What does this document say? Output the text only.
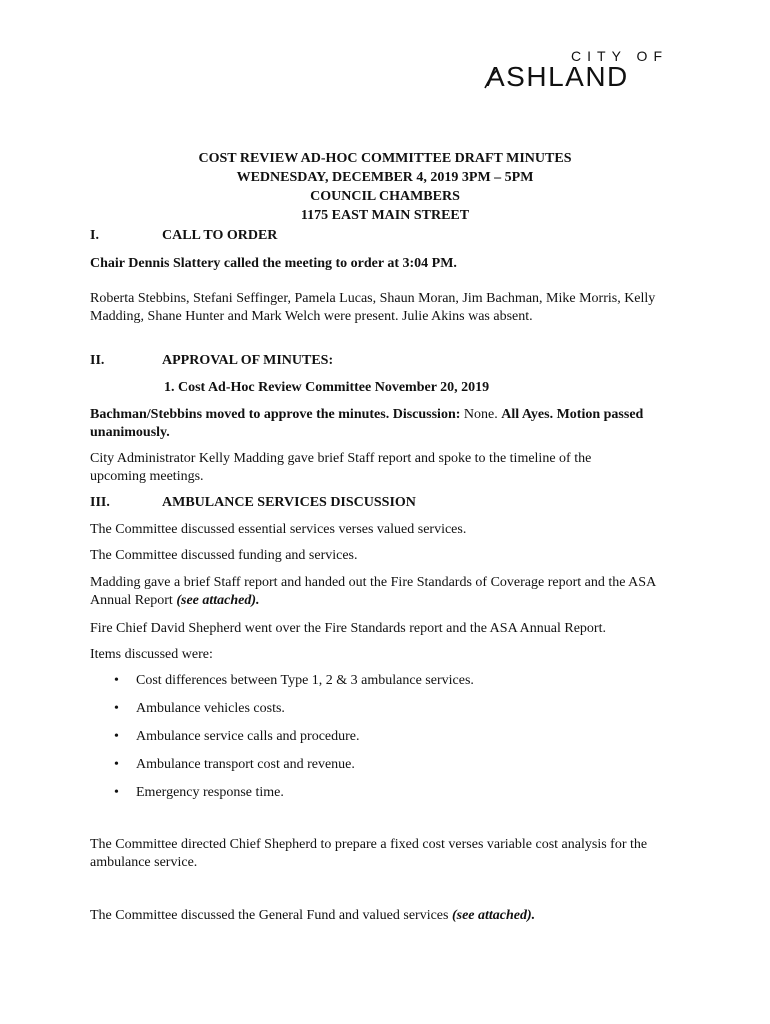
CITY OF
ASHLAND
COST REVIEW AD-HOC COMMITTEE DRAFT MINUTES
WEDNESDAY, DECEMBER 4, 2019 3PM – 5PM
COUNCIL CHAMBERS
1175 EAST MAIN STREET
I.	CALL TO ORDER
Chair Dennis Slattery called the meeting to order at 3:04 PM.
Roberta Stebbins, Stefani Seffinger, Pamela Lucas, Shaun Moran, Jim Bachman, Mike Morris, Kelly Madding, Shane Hunter and Mark Welch were present. Julie Akins was absent.
II.	APPROVAL OF MINUTES:
1. Cost Ad-Hoc Review Committee November 20, 2019
Bachman/Stebbins moved to approve the minutes. Discussion: None. All Ayes. Motion passed unanimously.
City Administrator Kelly Madding gave brief Staff report and spoke to the timeline of the upcoming meetings.
III.	AMBULANCE SERVICES DISCUSSION
The Committee discussed essential services verses valued services.
The Committee discussed funding and services.
Madding gave a brief Staff report and handed out the Fire Standards of Coverage report and the ASA Annual Report (see attached).
Fire Chief David Shepherd went over the Fire Standards report and the ASA Annual Report.
Items discussed were:
• Cost differences between Type 1, 2 & 3 ambulance services.
• Ambulance vehicles costs.
• Ambulance service calls and procedure.
• Ambulance transport cost and revenue.
• Emergency response time.
The Committee directed Chief Shepherd to prepare a fixed cost verses variable cost analysis for the ambulance service.
The Committee discussed the General Fund and valued services (see attached).
